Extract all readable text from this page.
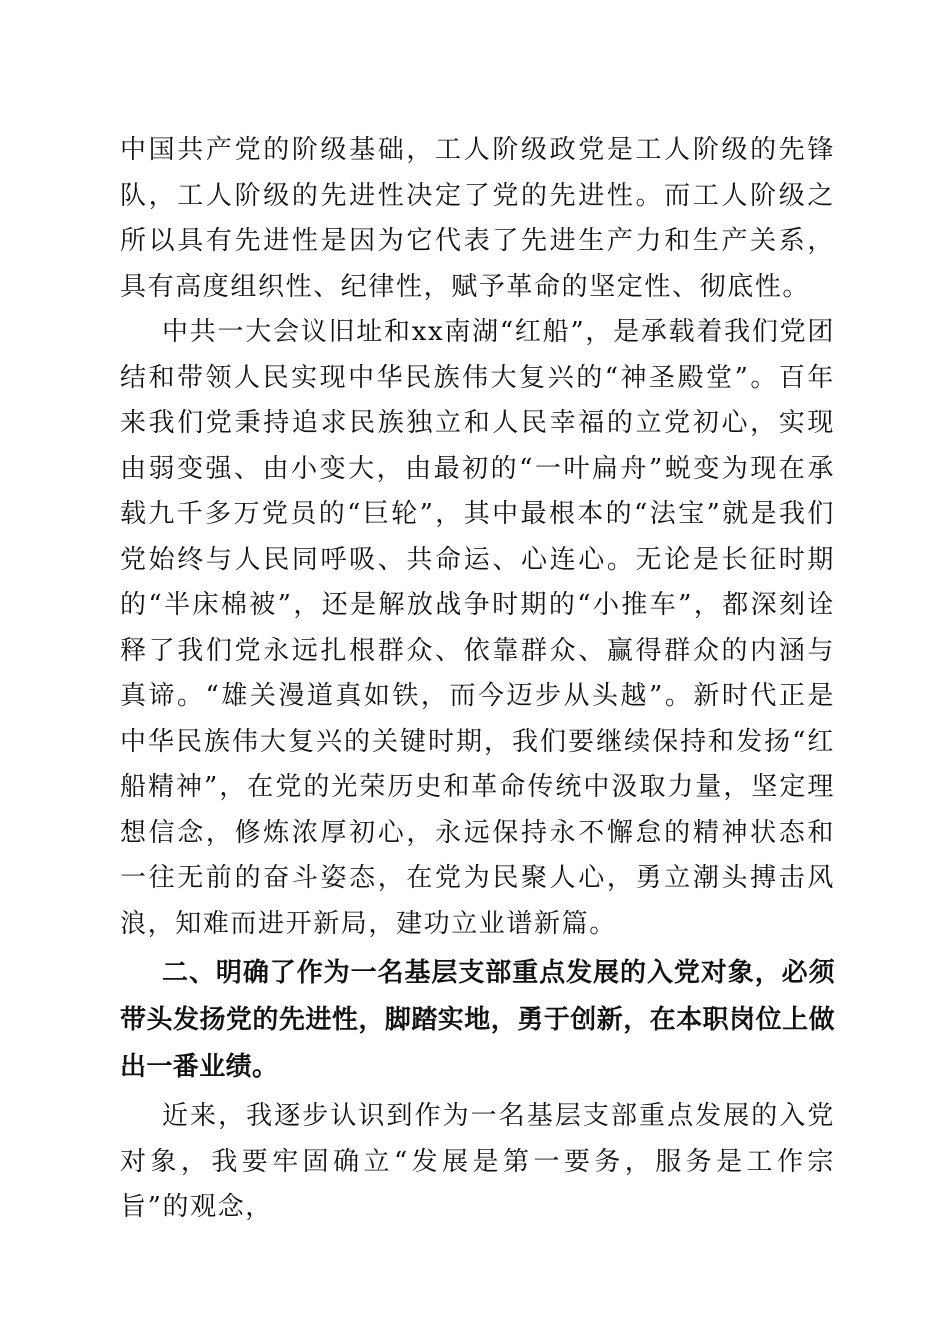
中国共产党的阶级基础，工人阶级政党是工人阶级的先锋队，工人阶级的先进性决定了党的先进性。而工人阶级之所以具有先进性是因为它代表了先进生产力和生产关系，具有高度组织性、纪律性，赋予革命的坚定性、彻底性。

中共一大会议旧址和xx南湖“红船”，是承载着我们党团结和带领人民实现中华民族伟大复兴的“神圣殿堂”。百年来我们党秉持追求民族独立和人民幸福的立党初心，实现由弱变强、由小变大，由最初的“一叶扁舟”蜕变为现在承载九千多万党员的“巨轮”，其中最根本的“法宝”就是我们党始终与人民同呼吸、共命运、心连心。无论是长征时期的“半床棉被”，还是解放战争时期的“小推车”，都深刻诠释了我们党永远扎根群众、依靠群众、赢得群众的内涵与真谛。“雄关漫道真如铁，而今迈步从头越”。新时代正是中华民族伟大复兴的关键时期，我们要继续保持和发扬“红船精神”，在党的光荣历史和革命传统中汲取力量，坚定理想信念，修炼浓厚初心，永远保持永不懈怠的精神状态和一往无前的奋斗姿态，在党为民聚人心，勇立潮头搏击风浪，知难而进开新局，建功立业谱新篇。

二、明确了作为一名基层支部重点发展的入党对象，必须带头发扬党的先进性，脚踏实地，勇于创新，在本职岗位上做出一番业绩。

近来，我逐步认识到作为一名基层支部重点发展的入党对象，我要牢固确立“发展是第一要务，服务是工作宗旨”的观念，
